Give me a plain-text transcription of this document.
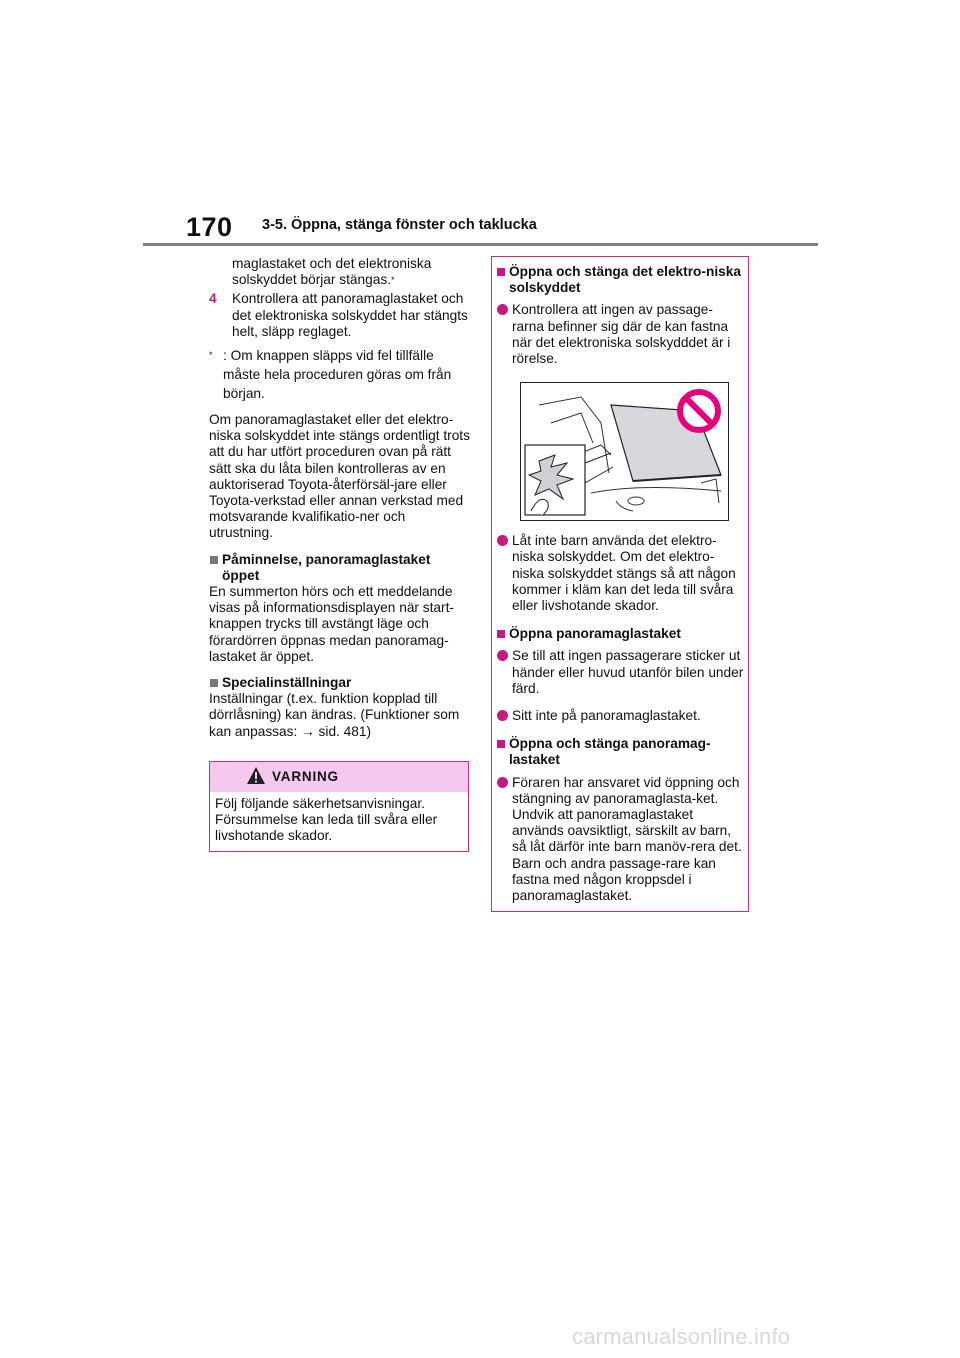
170 3-5. Öppna, stänga fönster och taklucka

maglastaket och det elektroniska
solskyddet börjar stängas.*

4	Kontrollera att panoramaglastaket och det elektroniska solskyddet har stängts helt, släpp reglaget.
* : Om knappen släpps vid fel tillfälle måste hela proceduren göras om från början.

Om panoramaglastaket eller det elektro-niska solskyddet inte stängs ordentligt trots att du har utfört proceduren ovan på rätt sätt ska du låta bilen kontrolleras av en auktoriserad Toyota-återförsäl-jare eller Toyota-verkstad eller annan verkstad med motsvarande kvalifikatio-ner och utrustning.

Påminnelse, panoramaglastaket öppet

En summerton hörs och ett meddelande visas på informationsdisplayen när start-knappen trycks till avstängt läge och förardörren öppnas medan panoramag-lastaket är öppet.

Specialinställningar

Inställningar (t.ex. funktion kopplad till dörrlåsning) kan ändras. (Funktioner som kan anpassas: → sid. 481)

VARNING

Följ följande säkerhetsanvisningar. Försummelse kan leda till svåra eller livshotande skador.

Öppna och stänga det elektro-niska solskyddet
Kontrollera att ingen av passage-rarna befinner sig där de kan fastna när det elektroniska solskydddet är i rörelse.
Låt inte barn använda det elektro-niska solskyddet. Om det elektro-niska solskyddet stängs så att någon kommer i kläm kan det leda till svåra eller livshotande skador.
Öppna panoramaglastaket
Se till att ingen passagerare sticker ut händer eller huvud utanför bilen under färd.
Sitt inte på panoramaglastaket.
Öppna och stänga panoramag-lastaket
Föraren har ansvaret vid öppning och stängning av panoramaglasta-ket.
Undvik att panoramaglastaket används oavsiktligt, särskilt av barn, så låt därför inte barn manöv-rera det. Barn och andra passage-rare kan fastna med någon kroppsdel i panoramaglastaket.
carmanualsonline.info
